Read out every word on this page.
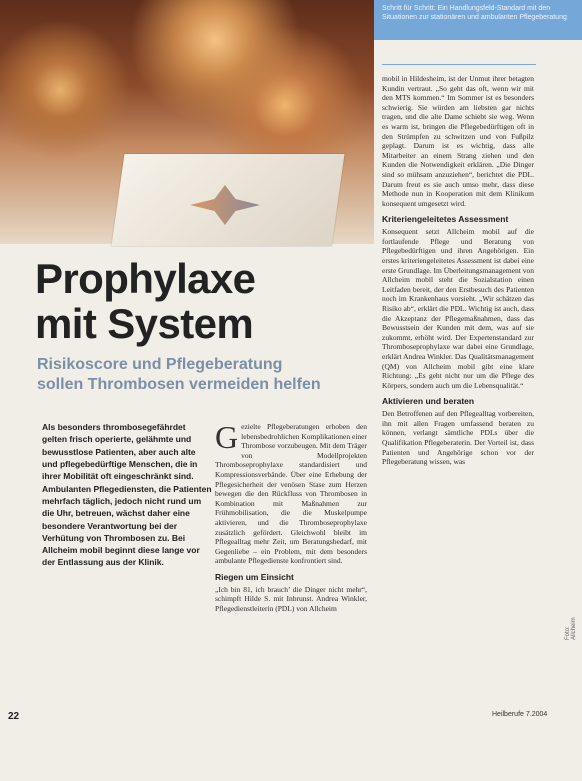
Schritt für Schritt: Ein Handlungsfeld-Standard mit den Situationen zur stationären und ambulanten Pflegeberatung
Prophylaxe
mit System
Risikoscore und Pflegeberatung sollen Thrombosen vermeiden helfen
Als besonders thrombosegefährdet gelten frisch operierte, gelähmte und bewusstlose Patienten, aber auch alte und pflegebedürftige Menschen, die in ihrer Mobilität oft eingeschränkt sind. Ambulanten Pflegediensten, die Patienten mehrfach täglich, jedoch nicht rund um die Uhr, betreuen, wächst daher eine besondere Verantwortung bei der Verhütung von Thrombosen zu. Bei Allcheim mobil beginnt diese lange vor der Entlassung aus der Klinik.
G ezielte Pflegeberatungen erhoben den lebensbedrohlichen Komplikationen einer Thrombose vorzubeugen. Mit dem Träger von Modellprojekten Thromboseprophylaxe standardisiert und Kompressionsverbände. Über eine Erhebung der Pflegesicherheit der venösen Stase zum Herzen bewegen die den Rückfluss von Thrombosen in Kombination mit Maßnahmen zur Frühmobilisation, die die Muskelpumpe aktivieren, und die Thromboseprophylaxe zusätzlich gefördert. Gleichwohl bleibt im Pflegealltag mehr Zeit, um Beratungsbedarf, mit Gegenliebe – ein Problem, mit dem besonders ambulante Pflegedienste konfrontiert sind.
Riegen um Einsicht
„Ich bin 81, ich brauch’ die Dinger nicht mehr“, schimpft Hilde S. mit Inbrunst. Andrea Winkler, Pflegedienstleiterin (PDL) von Allcheim
mobil in Hildesheim, ist der Unmut ihrer betagten Kundin vertraut. „So geht das oft, wenn wir mit den MTS kommen.“ Im Sommer ist es besonders schwierig. Sie würden am liebsten gar nichts tragen, und die alte Dame schiebt sie weg. Wenn es warm ist, bringen die Pflegebedürftigen oft in den Strümpfen zu schwitzen und von Fußpilz geplagt. Darum ist es wichtig, dass alle Mitarbeiter an einem Strang ziehen und den Kunden die Notwendigkeit erklären. „Die Dinger sind so mühsam anzuziehen“, berichtet die PDL. Darum freut es sie auch umso mehr, dass diese Methode nun in Kooperation mit dem Klinikum konsequent umgesetzt wird.
Kriteriengeleitetes Assessment
Konsequent setzt Allcheim mobil auf die fortlaufende Pflege und Beratung von Pflegebedürftigen und ihren Angehörigen. Ein erstes kriteriengeleitetes Assessment ist dabei eine erste Grundlage. Im Überleitungsmanagement von Allcheim mobil steht die Sozialstation einen Leitfaden bereit, der den Erstbesuch des Patienten noch im Krankenhaus vorsieht. „Wir schätzen das Risiko ab“, erklärt die PDL. Wichtig ist auch, dass die Akzeptanz der Pflegemaßnahmen, dass das Bewusstsein der Kunden mit dem, was auf sie zukommt, erhöht wird. Der Expertenstandard zur Thromboseprophylaxe war dabei eine Grundlage, erklärt Andrea Winkler. Das Qualitätsmanagement (QM) von Allcheim mobil gibt eine klare Richtung: „Es geht nicht nur um die Pflege des Körpers, sondern auch um die Lebensqualität.“
Aktivieren und beraten
Den Betroffenen auf den Pflegealltag vorbereiten, ihn mit allen Fragen umfassend beraten zu können, verlangt sämtliche PDLs über die Qualifikation Pflegeberaterin. Der Vorteil ist, dass Patienten und Angehörige schon vor der Pflegeberatung wissen, was
22	Heilberufe 7.2004
Foto: Allcheim
